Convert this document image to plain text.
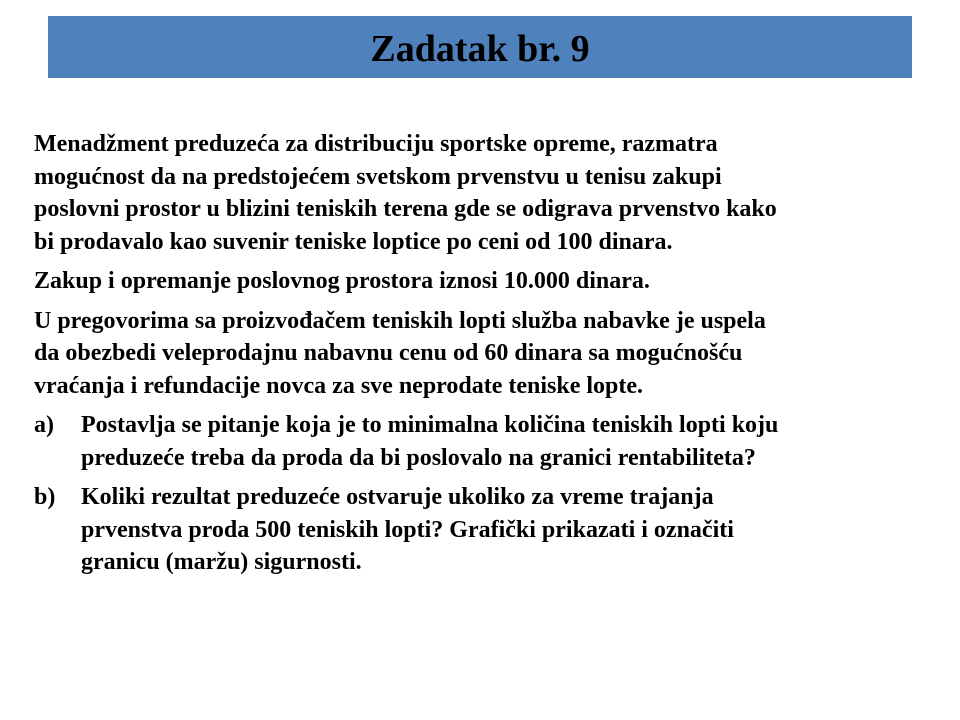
Zadatak br. 9

Menadžment preduzeća za distribuciju sportske opreme, razmatra
mogućnost da na predstojećem svetskom prvenstvu u tenisu zakupi
poslovni prostor u blizini teniskih terena gde se odigrava prvenstvo kako
bi prodavalo kao suvenir teniske loptice po ceni od 100 dinara.

Zakup i opremanje poslovnog prostora iznosi 10.000 dinara.

U pregovorima sa proizvođačem teniskih lopti služba nabavke je uspela
da obezbedi veleprodajnu nabavnu cenu od 60 dinara sa mogućnošću
vraćanja i refundacije novca za sve neprodate teniske lopte.

a) Postavlja se pitanje koja je to minimalna količina teniskih lopti koju
preduzeće treba da proda da bi poslovalo na granici rentabiliteta?
b) Koliki rezultat preduzeće ostvaruje ukoliko za vreme trajanja
prvenstva proda 500 teniskih lopti? Grafički prikazati i označiti
granicu (maržu) sigurnosti.
